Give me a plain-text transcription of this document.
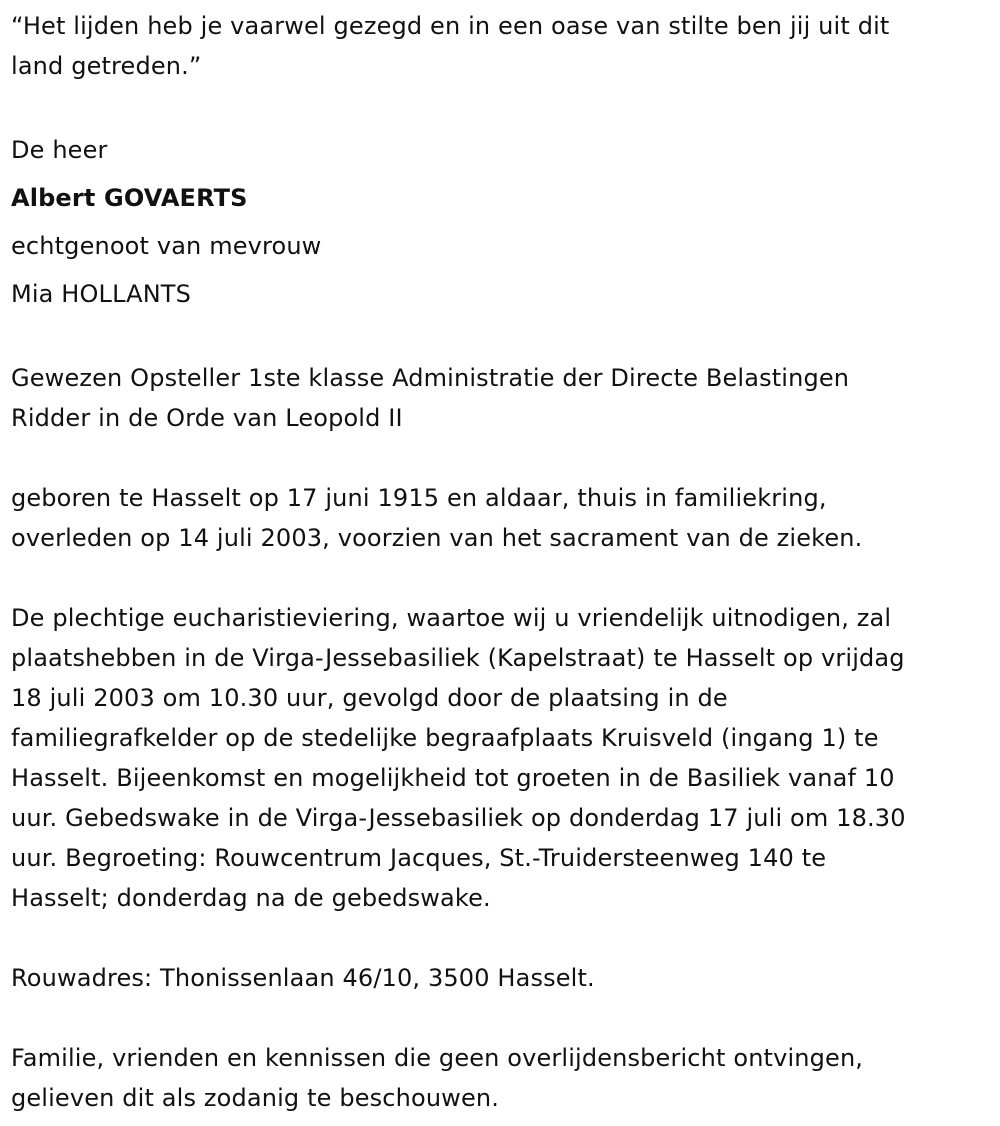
“Het lijden heb je vaarwel gezegd en in een oase van stilte ben jij uit dit
land getreden.”
De heer
Albert GOVAERTS
echtgenoot van mevrouw
Mia HOLLANTS
Gewezen Opsteller 1ste klasse Administratie der Directe Belastingen
Ridder in de Orde van Leopold II
geboren te Hasselt op 17 juni 1915 en aldaar, thuis in familiekring,
overleden op 14 juli 2003, voorzien van het sacrament van de zieken.
De plechtige eucharistieviering, waartoe wij u vriendelijk uitnodigen, zal
plaatshebben in de Virga-Jessebasiliek (Kapelstraat) te Hasselt op vrijdag
18 juli 2003 om 10.30 uur, gevolgd door de plaatsing in de
familiegrafkelder op de stedelijke begraafplaats Kruisveld (ingang 1) te
Hasselt. Bijeenkomst en mogelijkheid tot groeten in de Basiliek vanaf 10
uur. Gebedswake in de Virga-Jessebasiliek op donderdag 17 juli om 18.30
uur. Begroeting: Rouwcentrum Jacques, St.-Truidersteenweg 140 te
Hasselt; donderdag na de gebedswake.
Rouwadres: Thonissenlaan 46/10, 3500 Hasselt.
Familie, vrienden en kennissen die geen overlijdensbericht ontvingen,
gelieven dit als zodanig te beschouwen.
